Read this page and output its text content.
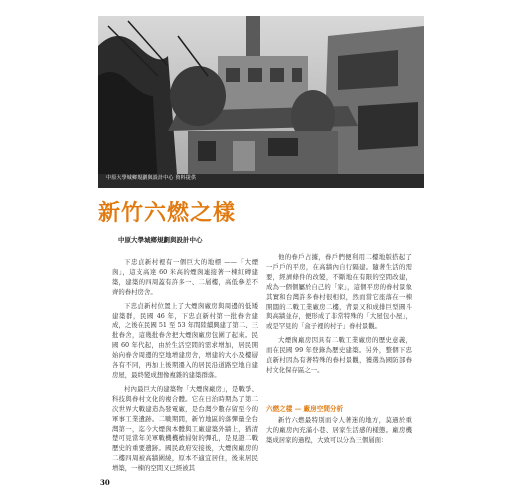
中原大學城鄉規劃與設計中心 資料提供
新竹六燃之樣
中原大學城鄉規劃與設計中心

下忠貞新村裡有一個巨大的地標 ——「大煙囪」，這支高達 60 米高的煙囪連接著一棟紅磚建築，建築的四周蓋有許多一、二層樓，高低參差不齊的眷村房舍。

下忠貞新村位置上了大煙囪廠房與周邊的低矮建築群，民國 46 年，下忠貞新村第一批眷舍建成，之後在民國 51 至 53 年間陸續興建了第二、三批眷舍，這幾批眷舍把大煙囪廠房包圍了起來。民國 60 年代起，由於生活空間的需求增加，居民開始向眷舍周邊的空地增建房舍，增建的大小及樓層各有不同，再加上後期遷入的居民沿道路空地自建房屋，最終變成想像複雜的建築群落。

村內最巨大的建築物「大煙囪廠房」，是戰爭、科技與眷村文化的複合體。它在日治時期為了第二次世界大戰建造為發電廠，是台灣少數存留至今的軍事工業遺跡。二戰期間，新竹地區的落彈量全台灣第一，迄今大煙囪本體與工廠建築外牆上，猶清楚可見當年美軍戰機機槍掃射的彈孔，是見證二戰歷史的重要遺跡。國民政府安接後，大煙囪廠房的二樓四周被高牆圍繞，原本不適宜居住，後來居民增築，一棟的空間又已經被其

他的眷戶占據，眷戶們便利用二樓地版搭起了一戶戶的平房，在高牆內自行隔建。隨著生活的需要，經濟條件的改變，不斷地在有限的空間改建，成為一個個屬於自己的「家」，這個平房的眷村景象其實和台灣許多眷村很相似，然而當它座落在一棟開闊的二戰工業廠房二樓，背景又和成排巨型圓斗與高牆並存，便形成了非常特殊的「大屋包小屋」，或是罕見的「盒子裡的村子」眷村景觀。

大煙囪廠房因具有二戰工業廠房的歷史意義，而在民國 99 年登錄為歷史建築。另外，整個下忠貞新村因為有著特殊的眷村景觀，獲選為國防部眷村文化保存區之一。

六燃之樣 — 廠房空間分析

新竹六燃最特別而令人著迷的地方，莫過於重大的廠房內充滿小巷、居家生活感的樣態。廠房機築成居家的過程，大致可以分為三個層面：

30
